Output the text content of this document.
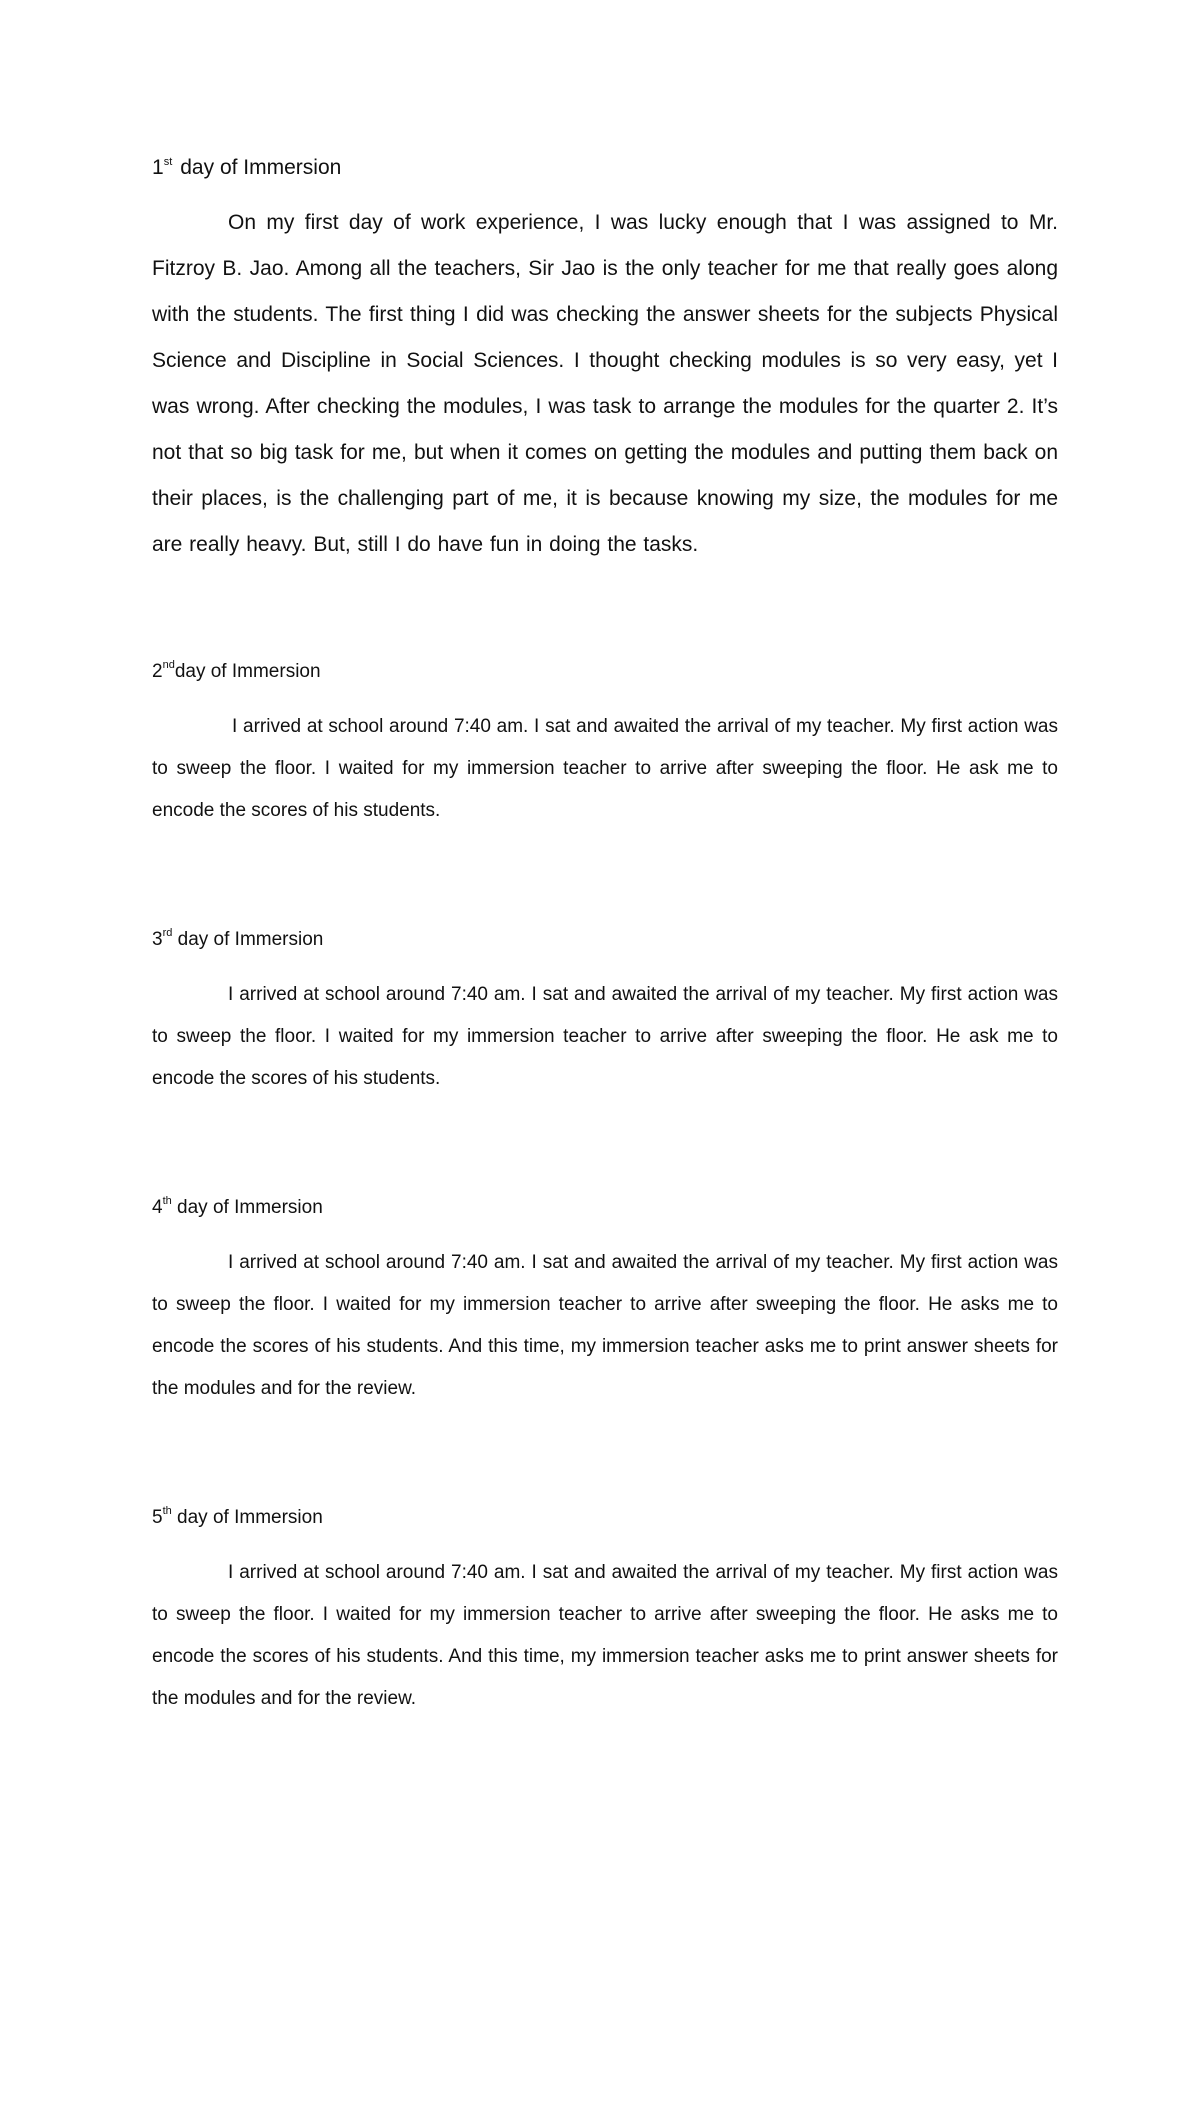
1st day of Immersion

On my first day of work experience, I was lucky enough that I was assigned to Mr. Fitzroy B. Jao. Among all the teachers, Sir Jao is the only teacher for me that really goes along with the students. The first thing I did was checking the answer sheets for the subjects Physical Science and Discipline in Social Sciences. I thought checking modules is so very easy, yet I was wrong. After checking the modules, I was task to arrange the modules for the quarter 2. It’s not that so big task for me, but when it comes on getting the modules and putting them back on their places, is the challenging part of me, it is because knowing my size, the modules for me are really heavy. But, still I do have fun in doing the tasks.

2ndday of Immersion

I arrived at school around 7:40 am. I sat and awaited the arrival of my teacher. My first action was to sweep the floor. I waited for my immersion teacher to arrive after sweeping the floor. He ask me to encode the scores of his students.

3rd day of Immersion

I arrived at school around 7:40 am. I sat and awaited the arrival of my teacher. My first action was to sweep the floor. I waited for my immersion teacher to arrive after sweeping the floor. He ask me to encode the scores of his students.

4th day of Immersion

I arrived at school around 7:40 am. I sat and awaited the arrival of my teacher. My first action was to sweep the floor. I waited for my immersion teacher to arrive after sweeping the floor. He asks me to encode the scores of his students. And this time, my immersion teacher asks me to print answer sheets for the modules and for the review.

5th day of Immersion

I arrived at school around 7:40 am. I sat and awaited the arrival of my teacher. My first action was to sweep the floor. I waited for my immersion teacher to arrive after sweeping the floor. He asks me to encode the scores of his students. And this time, my immersion teacher asks me to print answer sheets for the modules and for the review.
